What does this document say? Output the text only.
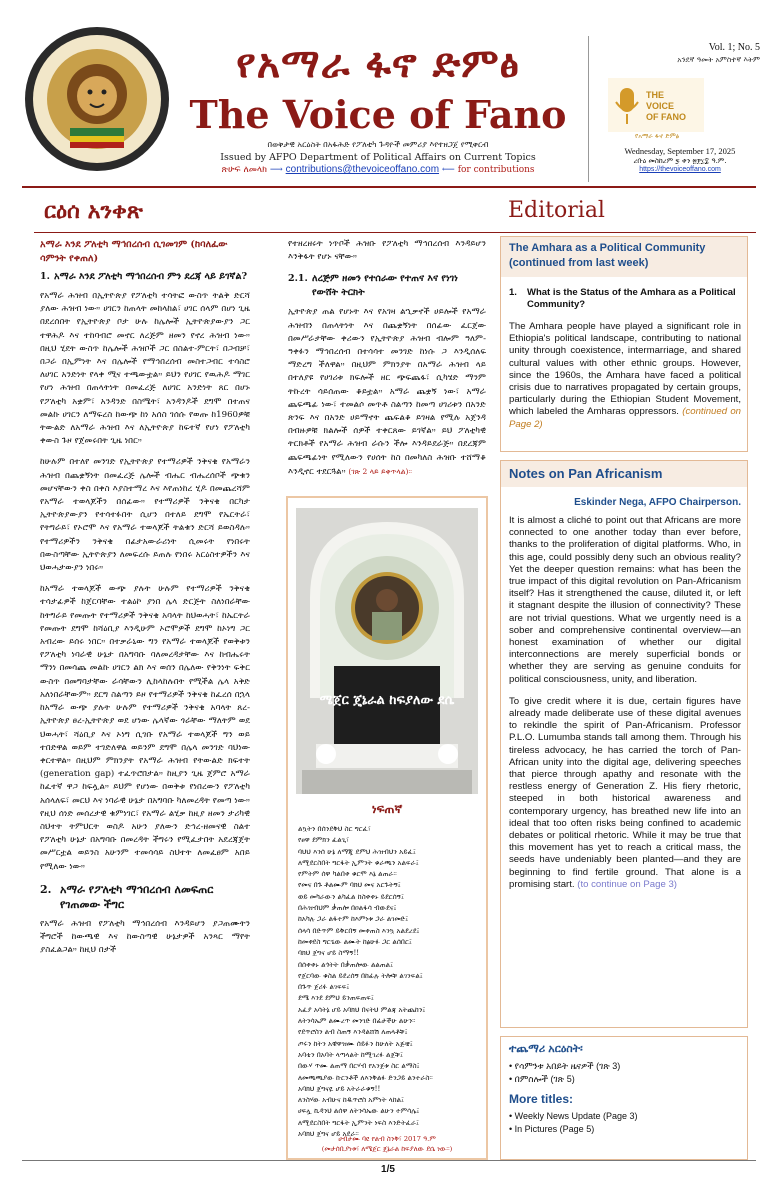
የአማራ ፋኖ ድምፅ
The Voice of Fano
በወቅታዊ አርዕስት በአፋሕድ የፖለቲካ ጉዳዮች መምሪያ እየተዘጋጀ የሚቀርብ
Issued by AFPO Department of Political Affairs on Current Topics
ጽሁፍ ለመላክ ⟶ contributions@thevoiceoffano.com ⟵ for contributions
Vol. 1; No. 5
አንደኛ ዓመት አምስተኛ እትም
THE
VOICE
OF FANO
የአማራ ፋኖ ድምፅ
Wednesday, September 17, 2025
ረቡዕ መስከረም ፯ ቀን ፳፻፲፰ ዓ.ም.
https://thevoiceoffano.com
ርዕሰ አንቀጽ	Editorial
አማራ እንደ ፖለቲካ ማኅበረሰብ ሲገመገም (ከባለፈው ሳምንት የቀጠለ)
1. አማራ እንደ ፖለቲካ ማኅበረሰብ ምን ደረጃ ላይ ይገኛል?

የአማራ ሕዝብ በኢትዮጵያ የፖለቲካ ተሳትፎ ውስጥ ትልቅ ድርሻ ያለው ሕዝብ ነው። ሀገርን ከጠላት መከላከል፣ ሀገር ሰላም በሆነ ጊዜ በደረሰበት የኢትዮጵያ ቦታ ሁሉ ከሌሎች ኢትዮጵያውያን ጋር ተዋሕዶ እና ተከባብሮ መኖር ለረጅም ዘመን የኖረ ሕዝብ ነው። በዚህ ሂደት ውስጥ ከሌሎች ሕዝቦች ጋር በስልተ-ምርት፣ በጋብቻ፣ በጋራ በኢምነት እና በሌሎች የማኅበረሰብ መስተጋብር ተሳስሮ ለሀገር አንድነት የላቀ ሚና ተጫውቷል። ይህን የሀገር የዉሕዶ ማገር የሆነ ሕዝብ በጠላትነት በመፈረጅ ለሀገር አንድነት ጸር በሆኑ የፖለቲካ አቋም፣ አንዳንድ በስሜት፣ አንዳንዶች ደግሞ በተጠና መልኩ ሀገርን ለማፍረስ ከውጭ ከነ አሰስ ገሰሱ የወጡ ከ1960ዎቹ ትውልድ ለአማራ ሕዝብ እና ለኢትዮጵያ ከፍተኛ የሆነ የፖለቲካ ቀውስ ጉዞ የጀመሩበት ጊዜ ነበር።

ከሁሉም በተለየ መንገድ የኢትዮጵያ የተማሪዎች ንቅናቄ የአማራን ሕዝብ በጨቋኝነት በመፈረጅ ሌሎች ብሔር ብሔረሰቦች ጭቁን መሆናቸውን ቀስ በቀስ እያስተማረ እና እየጠነከረ ሂዶ በመጨረሻም የአማራ ተወላጆችን በሰፊው። የተማሪዎች ንቅናቄ በርካታ ኢትዮጵያውያን የተሳተፉበት ሲሆን በተለይ ደግሞ የኤርትራ፣ የትግራይ፣ የኦሮሞ እና የአማራ ተወላጆች ትልቁን ድርሻ ይወስዳሉ። የተማሪዎችን ንቅናቄ በፊታአውራሪነት ሲመሩት የነበሩት በውስጣቸው ኢትዮጵያን ለመፍረሱ ይጠሉ የነበሩ አርዕስተዎችን እና ህወሓታውያን ነበሩ።

ከአማራ ተወላጆች ውጭ ያሉት ሁሉም የተማሪዎች ንቅናቄ ተሳታፊዎች ከጀርባቸው ተልዕኮ ያነበ ሌላ ድርጅት ስለነበራቸው ከትግራይ የመጡት የተማሪዎች ንቅናቄ አባላት ከህወሓት፣ ከኤርትራ የመጡት ደግሞ ከሻዕቢያ እንዲሁም ኦሮሞዎች ደግሞ ከኦነግ ጋር አብረው ይሰሩ ነበር። በተቃራኒው ግን የአማራ ተወላጆች የወቅቱን የፖለቲካ ነባራዊ ሁኔታ በአግባቡ ባለመረዳታቸው እና ከብሔሩት ማንነ በመሳጨ መልኩ ሀገርን ልክ እና ወሰን በሌለው የቅንነት ፍቅር ውስጥ በመግባታቸው ራሳቸውን ሊከላከሉበት የሚችል ሌላ አቅድ አለነበራቸውም። ደርግ ስልጣን ይዞ የተማሪዎች ንቅናቄ ከፈረሰ በኋላ ከአማራ ውጭ ያሉት ሁሉም የተማሪዎች ንቅናቄ አባላት ጸረ-ኢትዮጵያ ፀረ-ኢትዮጵያ ወደ ሆነው ሌላኛው ጎራቸው ማለትም ወደ ህወሓት፣ ሻዕቢያ እና ኦነግ ሲገቡ የአማራ ተወላጆች ግን ወይ ተበድዋል ወይም ተገድለዋል ወይንም ደግሞ በሌላ መንገድ ባህነው ቀርተዋል። በዚህም ምክንያት የአማራ ሕዝብ የትውልድ ክፍተት (generation gap) ተፈጥሮበታል። ከዚያን ጊዜ ጀምሮ አማራ ከፈተኛ ዋጋ ከፍሏል። ይህም የሆነው በወቅቱ የነበረውን የፖለቲካ አሰላለፍ፣ መርህ እና ነባራዊ ሁኔታ በአግባቡ ካለመረዳት የመጣ ነው። የዚህ ሰነድ መሰረታዊ ቁምነገር፣ የአማራ ልሂቃ ከዚያ ዘመን ታሪካዊ ስህተት ትምህርት ወስዶ አሁን ያለውን ድኅረ-ዘመናዊ ስልተ የፖለቲካ ሁኔታ በአግባቡ በመረዳት ችግሩን የሚፈታበት አደረጃጀት መሥርቷል ወይንስ አሁንም ተመሳሳይ ስህተት ለመፈፀም አበይ የሚለው ነው።

2. አማራ የፖለቲካ ማኅበረሰብ ለመፍጠር የገጠመው ችግር

የአማራ ሕዝብ የፖለቲካ ማኅበረሰብ እንዳይሆን ያጋጠሙትን ችግሮች ከውጫዊ እና ከውስጣዊ ሁኔታዎች አንጻር ማየት ያስፈልጋል። ከዚህ በታች

የተዘረዘሩት ነጥቦች ሕዝቡ የፖለቲካ ማኅበረሰብ እንዳይሆን እንቅፋት የሆኑ ናቸው።

2.1. ለረጅም ዘመን የተሰራው የተጠና እና የነገነ የውሸት ትርክት

ኢትዮጵያ ጠል የሆኑት እና የአገዛ ልኂቃኖች ሀይሎች የአማራ ሕዝብን በጠላትነት እና በጨቋኝነት በሰፊው ፈርጀው በመሥራታቸው ቀሪውን የኢትዮጵያ ሕዝብ ብሎም ዓለም-ዓቀፉን ማኅበረሰብ በተሳሳተ መንገድ ከነሱ ጋ እንዲሰለፍ ማድረግ ችለዋል። በዚህም ምክንያት በአማራ ሕዝብ ላይ በተለያዩ የሀገሪቱ ክፍሎች ዘር ጭፍጨፋ፣ ሲካሄድ ማንም ትኩረት ሳይሰጠው ቆይቷል። አማራ ጨቋኝ ነው፣ አማራ ጨፍጫፊ ነው፣ ተመልሶ መጥቶ ስልጣን ከመጣ ሀገሪቱን በአንድ ጽንፍ እና በአንድ ሀይማኖት ጨፍልቆ ይገዛል የሚሉ አጀንዳ በብዙዎቹ ክልሎች ሰዎች ተቀርጸው ይገኛል። ይህ ፖለቲካዊ ትርክቶች የአማራ ሕዝብ ራሱን ችሎ እንዳይደራጅ። በደረጃም ጨፍጫፊነት የሚለውን የሀሰት ከስ በመካለስ ሕዝቡ ተሸማቆ እንዲኖር ተደርጓል። (ገጽ 2 ላይ ይቀጥላል)።

ሜጀር ጄኔራል ከፍያለው ደሴ
ነፍጠኛ
ልኳትን በሰንደቅህ ስር ግርፈ፣
የፀዋ ደምክን ፈልጊ፣
ባህህ እንሰ ሁኔ ለማጂ ደምህ ሕዝብህን አይፈ፤
ለሚደርስበት ግርፋት ኢምንት ቁራጫን አልፍራ፤
የምትም ሰዋ ካልበቀ ቁርሞ እኔ ልጠራ።
የመና በጉ ቶልሙም ባክህ መና አርጉትኝ፤
ወይ መካራውን ልካፈል ከስቀቀኑ ይደርሰኝ፤
በሕዝብህም ቃጠሎ በዐልፋሳ ብውደና፤
ከአካሉ ጋራ ልፋተም ከእምነቱ ጋራ ልገመድ፤
ሰላሳ በድጥም ይቅርበኝ መቀጠስ እንኳ አልደረደ፤
ከመቀደስ ግርጌው ልሙት ከፅሁፉ ጋር ልሰበር፤
ባክህ ጀግና ሆይ ስማኝ!!
በሰቀቀኑ ልጎትት በቃጠሎው ልልጠል፤
የጀርባው ቁስል ይደረሰኝ በከፊሉ ትሎቹ ልገንፍል፤
በጉጥ ጀሪፉ ልገፍፍ፤
ደሜ እንደ ደምህ ይንጠፍጠፍ፤
አፈያ አሳትኔ ሆይ አባክህ በናትህ ምልጃ አትጨከን፤
ለትንሳኤም ልሙረጥ መንገድ በፊታችሁ ልሁን።
የደጥሮስን ልብ ስጠኝ እንዳልሸሽ ለጠላቶቹ፤
ጦሩን ከትን አዊዋዝሙ ሰይፉን ከሁለት አጅቼ፤
አባቴን በአባት ላጣላልት ከሚገረፉ ልጀቹ፤
በውሃ ጥሙ ልጠማ በርሃብ የአንጀቱ ስር ልማስ፤
ለመጫጫያው ኩርንቶች ለእንቅልፉ ድንጋይ ልንተራስ።
አባክህ ጀግናዬ ሆይ አትራራቁኝ!!
ለንስሃው አብሁና ከዱጥሮስ አምነት ላከል፤
ሀፍሏ ኪዳንህ ልሰዋ ለትንሳኤው ልሁን ተምሳሌ፤
ለሚደርስበት ግርፋት ኢምንት ነፍስ እንድትፈራ፤
አባክህ ጀግና ሆይ አደራ።
ሀብታሙ ባዩ የልብ ስንቅ፣ 2017 ዓ.ም
(መታሰቢያነቱ፣ ለሜጀር ጄኔራል ከፍያለው ደሴ ነው።)
The Amhara as a Political Community (continued from last week)
1. What is the Status of the Amhara as a Political Community?
The Amhara people have played a significant role in Ethiopia's political landscape, contributing to national unity through coexistence, intermarriage, and shared cultural values with other ethnic groups. However, since the 1960s, the Amhara have faced a political crisis due to narratives propagated by certain groups, particularly during the Ethiopian Student Movement, which labeled the Amharas oppressors. (continued on Page 2)
Notes on Pan Africanism
Eskinder Nega, AFPO Chairperson.

It is almost a cliché to point out that Africans are more connected to one another today than ever before, thanks to the proliferation of digital platforms. Who, in this age, could possibly deny such an obvious reality? Yet the deeper question remains: what has been the true impact of this digital revolution on Pan-Africanism itself? Has it strengthened the cause, diluted it, or left it stagnant despite the illusion of connectivity? These are not trivial questions. What we urgently need is a sober and comprehensive continental overview—an honest examination of whether our digital interconnections are merely superficial bonds or whether they are serving as genuine conduits for political consciousness, unity, and liberation.

To give credit where it is due, certain figures have already made deliberate use of these digital avenues to rekindle the spirit of Pan-Africanism. Professor P.L.O. Lumumba stands tall among them. Through his tireless advocacy, he has carried the torch of Pan-African unity into the digital age, delivering speeches that pierce through apathy and resonate with the restless energy of Generation Z. His fiery rhetoric, steeped in both historical awareness and contemporary urgency, has breathed new life into an ideal that too often risks being confined to academic debates or political rhetoric. While it may be true that this movement has yet to reach a critical mass, the seeds have undeniably been planted—and they are beginning to find fertile ground. That alone is a promising start. (to continue on Page 3)

ተጨማሪ አርዕስት፡
• የሳምንቱ አበይት ዜናዎች (ገጽ 3)
• በምስሎች (ገጽ 5)
More titles:
• Weekly News Update (Page 3)
• In Pictures (Page 5)
1/5
